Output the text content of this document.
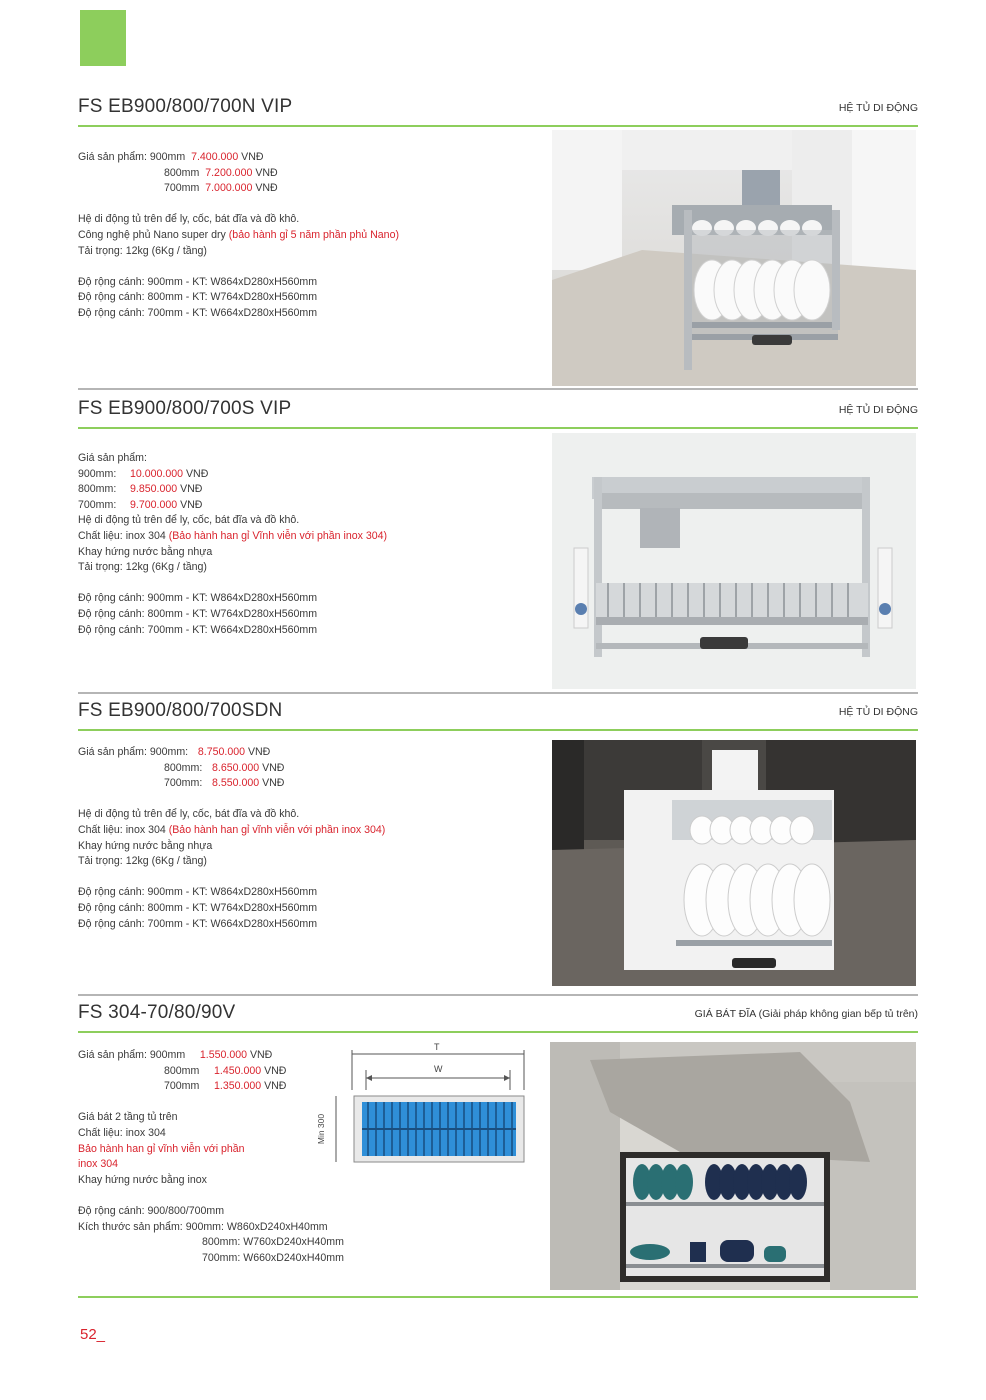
FS EB900/800/700N VIP	HỆ TỦ DI ĐỘNG
Giá sản phẩm: 900mm 7.400.000 VNĐ
800mm 7.200.000 VNĐ
700mm 7.000.000 VNĐ
Hệ di động tủ trên để ly, cốc, bát đĩa và đồ khô.
Công nghệ phủ Nano super dry (bảo hành gỉ 5 năm phần phủ Nano)
Tải trọng: 12kg (6Kg / tầng)
Độ rộng cánh: 900mm - KT: W864xD280xH560mm
Độ rộng cánh: 800mm - KT: W764xD280xH560mm
Độ rộng cánh: 700mm - KT: W664xD280xH560mm
FS EB900/800/700S VIP	HỆ TỦ DI ĐỘNG
Giá sản phẩm:
900mm: 10.000.000 VNĐ
800mm: 9.850.000 VNĐ
700mm: 9.700.000 VNĐ
Hệ di động tủ trên để ly, cốc, bát đĩa và đồ khô.
Chất liệu: inox 304 (Bảo hành han gỉ Vĩnh viễn với phần inox 304)
Khay hứng nước bằng nhựa
Tải trọng: 12kg (6Kg / tầng)
Độ rộng cánh: 900mm - KT: W864xD280xH560mm
Độ rộng cánh: 800mm - KT: W764xD280xH560mm
Độ rộng cánh: 700mm - KT: W664xD280xH560mm
FS EB900/800/700SDN	HỆ TỦ DI ĐỘNG
Giá sản phẩm: 900mm: 8.750.000 VNĐ
800mm: 8.650.000 VNĐ
700mm: 8.550.000 VNĐ
Hệ di động tủ trên để ly, cốc, bát đĩa và đồ khô.
Chất liệu: inox 304 (Bảo hành han gỉ vĩnh viễn với phần inox 304)
Khay hứng nước bằng nhựa
Tải trọng: 12kg (6Kg / tầng)
Độ rộng cánh: 900mm - KT: W864xD280xH560mm
Độ rộng cánh: 800mm - KT: W764xD280xH560mm
Độ rộng cánh: 700mm - KT: W664xD280xH560mm
FS 304-70/80/90V	GIÁ BÁT ĐĨA (Giải pháp không gian bếp tủ trên)
Giá sản phẩm: 900mm 1.550.000 VNĐ
800mm 1.450.000 VNĐ
700mm 1.350.000 VNĐ
Giá bát 2 tầng tủ trên
Chất liệu: inox 304
Bảo hành han gỉ vĩnh viễn với phần
inox 304
Khay hứng nước bằng inox
Độ rộng cánh: 900/800/700mm
Kích thước sản phẩm: 900mm: W860xD240xH40mm
800mm: W760xD240xH40mm
700mm: W660xD240xH40mm
T
W
Min 300
52_
